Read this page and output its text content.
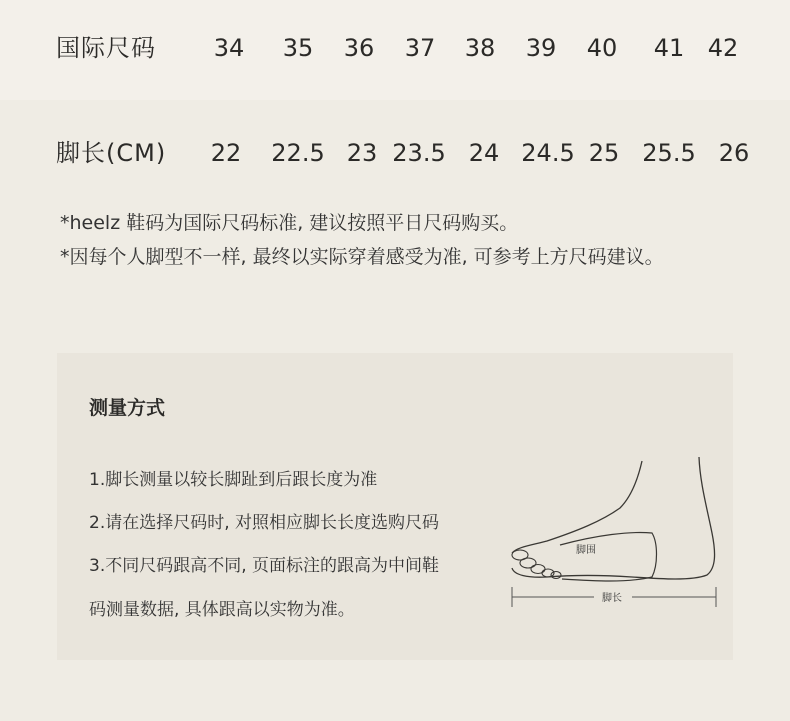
国际尺码 34 35 36 37 38 39 40 41 42
脚长(CM) 22 22.5 23 23.5 24 24.5 25 25.5 26
*heelz 鞋码为国际尺码标准, 建议按照平日尺码购买。
*因每个人脚型不一样, 最终以实际穿着感受为准, 可参考上方尺码建议。
测量方式
1.脚长测量以较长脚趾到后跟长度为准
2.请在选择尺码时, 对照相应脚长长度选购尺码
3.不同尺码跟高不同, 页面标注的跟高为中间鞋
码测量数据, 具体跟高以实物为准。
脚围
脚长
